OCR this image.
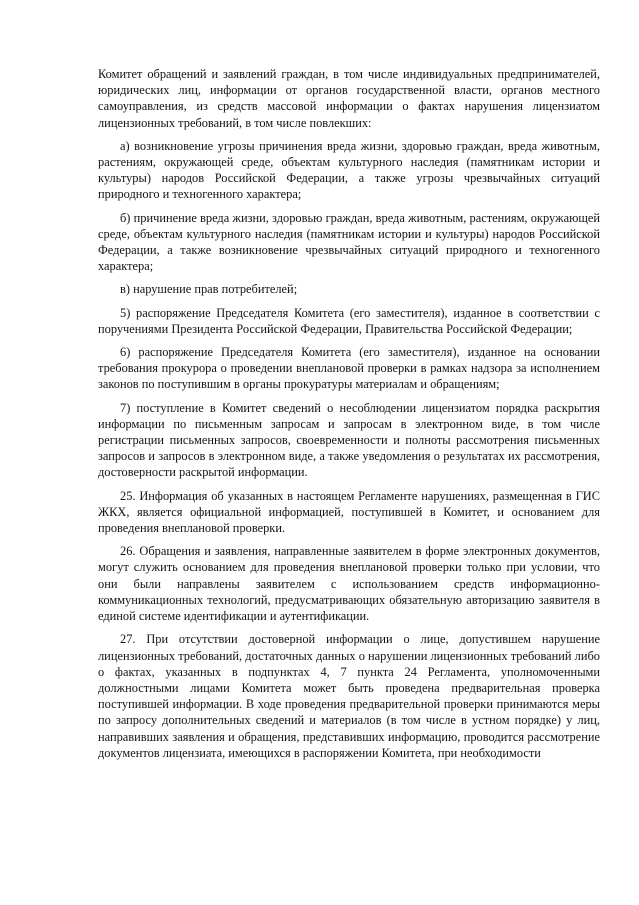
Комитет обращений и заявлений граждан, в том числе индивидуальных предпринимателей, юридических лиц, информации от органов государственной власти, органов местного самоуправления, из средств массовой информации о фактах нарушения лицензиатом лицензионных требований, в том числе повлекших:

а) возникновение угрозы причинения вреда жизни, здоровью граждан, вреда животным, растениям, окружающей среде, объектам культурного наследия (памятникам истории и культуры) народов Российской Федерации, а также угрозы чрезвычайных ситуаций природного и техногенного характера;

б) причинение вреда жизни, здоровью граждан, вреда животным, растениям, окружающей среде, объектам культурного наследия (памятникам истории и культуры) народов Российской Федерации, а также возникновение чрезвычайных ситуаций природного и техногенного характера;

в) нарушение прав потребителей;

5) распоряжение Председателя Комитета (его заместителя), изданное в соответствии с поручениями Президента Российской Федерации, Правительства Российской Федерации;

6) распоряжение Председателя Комитета (его заместителя), изданное на основании требования прокурора о проведении внеплановой проверки в рамках надзора за исполнением законов по поступившим в органы прокуратуры материалам и обращениям;

7) поступление в Комитет сведений о несоблюдении лицензиатом порядка раскрытия информации по письменным запросам и запросам в электронном виде, в том числе регистрации письменных запросов, своевременности и полноты рассмотрения письменных запросов и запросов в электронном виде, а также уведомления о результатах их рассмотрения, достоверности раскрытой информации.

25. Информация об указанных в настоящем Регламенте нарушениях, размещенная в ГИС ЖКХ, является официальной информацией, поступившей в Комитет, и основанием для проведения внеплановой проверки.

26. Обращения и заявления, направленные заявителем в форме электронных документов, могут служить основанием для проведения внеплановой проверки только при условии, что они были направлены заявителем с использованием средств информационно-коммуникационных технологий, предусматривающих обязательную авторизацию заявителя в единой системе идентификации и аутентификации.

27. При отсутствии достоверной информации о лице, допустившем нарушение лицензионных требований, достаточных данных о нарушении лицензионных требований либо о фактах, указанных в подпунктах 4, 7 пункта 24 Регламента, уполномоченными должностными лицами Комитета может быть проведена предварительная проверка поступившей информации. В ходе проведения предварительной проверки принимаются меры по запросу дополнительных сведений и материалов (в том числе в устном порядке) у лиц, направивших заявления и обращения, представивших информацию, проводится рассмотрение документов лицензиата, имеющихся в распоряжении Комитета, при необходимости
